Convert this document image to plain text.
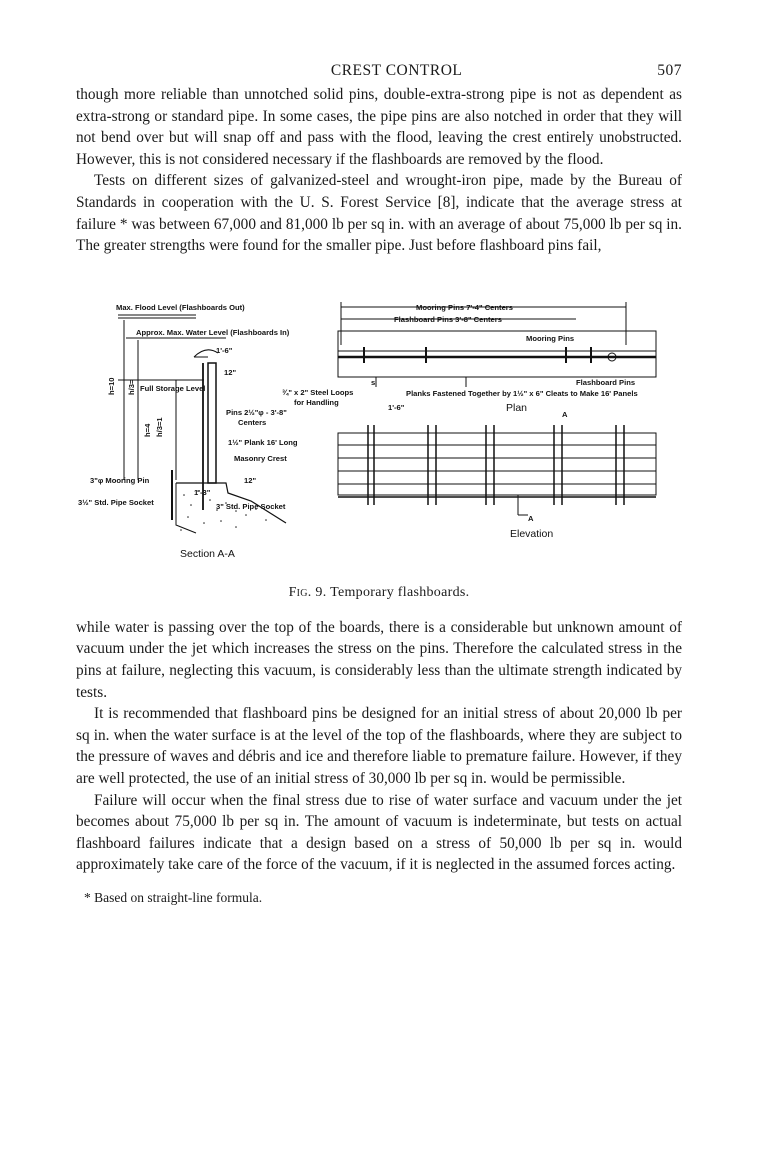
CREST CONTROL	507

though more reliable than unnotched solid pins, double-extra-strong pipe is not as dependent as extra-strong or standard pipe. In some cases, the pipe pins are also notched in order that they will not bend over but will snap off and pass with the flood, leaving the crest entirely unobstructed. However, this is not considered necessary if the flashboards are removed by the flood.

Tests on different sizes of galvanized-steel and wrought-iron pipe, made by the Bureau of Standards in cooperation with the U. S. Forest Service [8], indicate that the average stress at failure * was between 67,000 and 81,000 lb per sq in. with an average of about 75,000 lb per sq in. The greater strengths were found for the smaller pipe. Just before flashboard pins fail,

Max. Flood Level (Flashboards Out)
Approx. Max. Water Level (Flashboards In)
1'-6"
12"
Full Storage Level
Pins 2½"φ - 3'-8"
Centers
1½" Plank 16' Long
Masonry Crest
3"φ Mooring Pin
3½" Std. Pipe Socket
1'-3"
12"
3" Std. Pipe Socket
Section A-A
h=10 h/3=
h=4 h/3=1
Mooring Pins 7'-4" Centers
Flashboard Pins 3'-8" Centers
Mooring Pins
¾" x 2" Steel Loops
for Handling
s
1'-6"
Flashboard Pins
Planks Fastened Together by 1½" x 6" Cleats to Make 16' Panels
Plan
A
A
Elevation
Fig. 9. Temporary flashboards.

while water is passing over the top of the boards, there is a considerable but unknown amount of vacuum under the jet which increases the stress on the pins. Therefore the calculated stress in the pins at failure, neglecting this vacuum, is considerably less than the ultimate strength indicated by tests.

It is recommended that flashboard pins be designed for an initial stress of about 20,000 lb per sq in. when the water surface is at the level of the top of the flashboards, where they are subject to the pressure of waves and débris and ice and therefore liable to premature failure. However, if they are well protected, the use of an initial stress of 30,000 lb per sq in. would be permissible.

Failure will occur when the final stress due to rise of water surface and vacuum under the jet becomes about 75,000 lb per sq in. The amount of vacuum is indeterminate, but tests on actual flashboard failures indicate that a design based on a stress of 50,000 lb per sq in. would approximately take care of the force of the vacuum, if it is neglected in the assumed forces acting.

* Based on straight-line formula.
